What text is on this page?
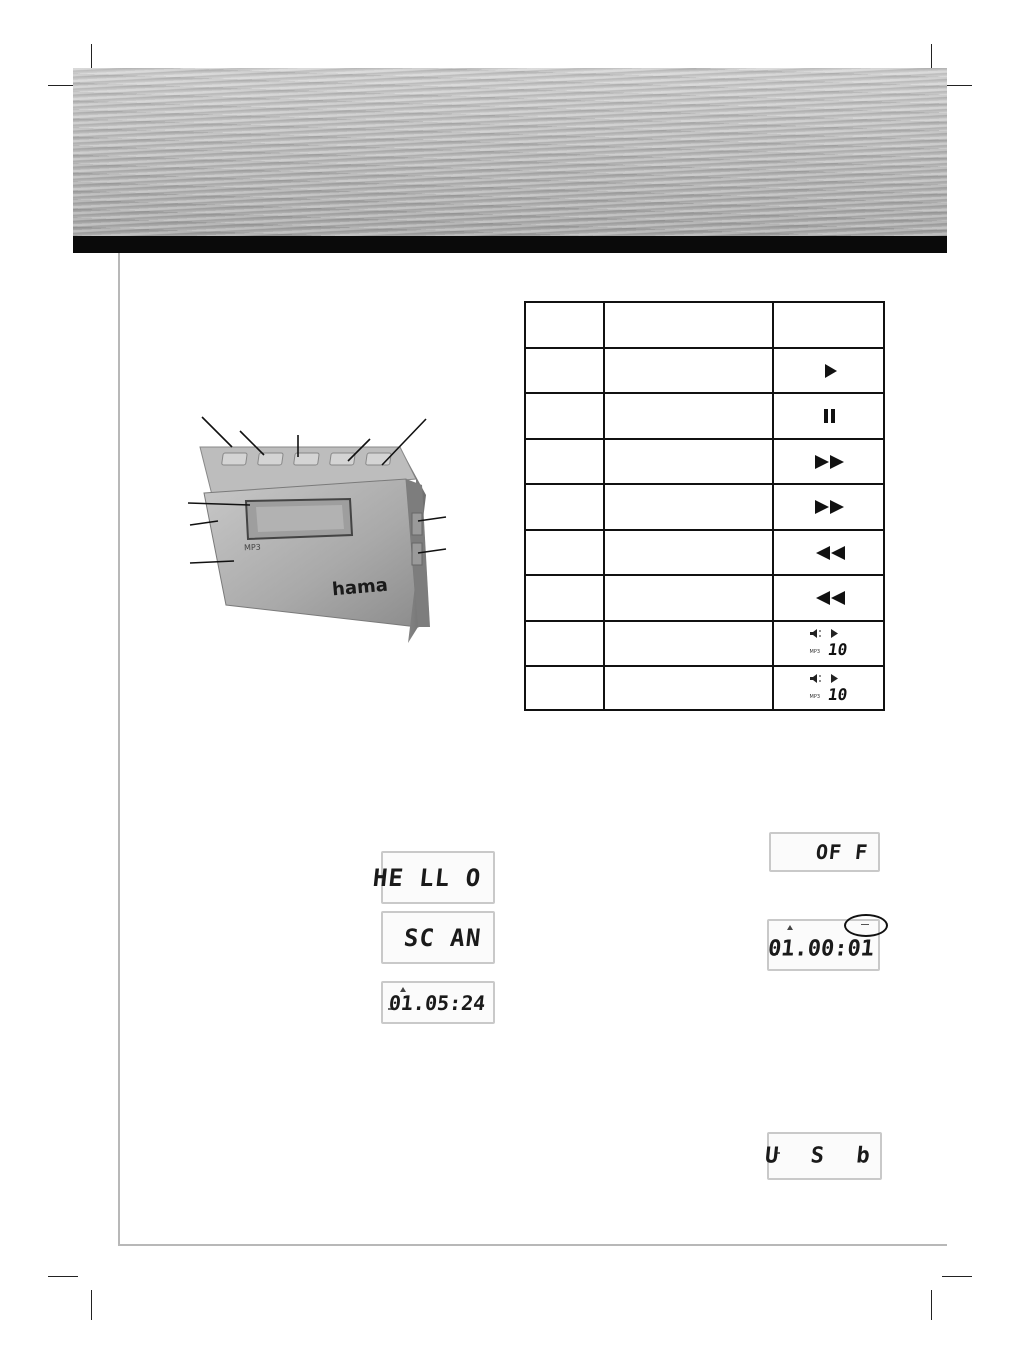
MP3
hama
MP3 10
MP3 10
HE LL O
SC AN
01.05:24
OF F
01.00:01
U  S  b
